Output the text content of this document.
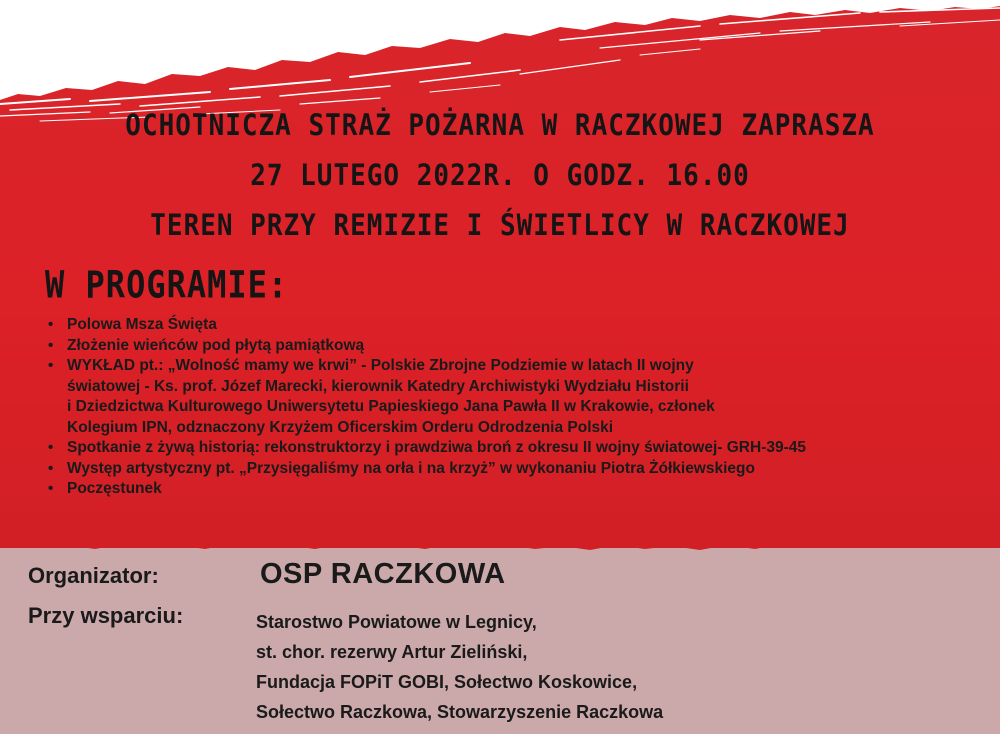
OCHOTNICZA STRAŻ POŻARNA W RACZKOWEJ ZAPRASZA
27 LUTEGO 2022R. O GODZ. 16.00
TEREN PRZY REMIZIE I ŚWIETLICY W RACZKOWEJ
W PROGRAMIE:
• Polowa Msza Święta
• Złożenie wieńców pod płytą pamiątkową
• WYKŁAD pt.: „Wolność mamy we krwi” - Polskie Zbrojne Podziemie w latach II wojny
światowej - Ks. prof. Józef Marecki, kierownik Katedry Archiwistyki Wydziału Historii
i Dziedzictwa Kulturowego Uniwersytetu Papieskiego Jana Pawła II w Krakowie, członek
Kolegium IPN, odznaczony Krzyżem Oficerskim Orderu Odrodzenia Polski
• Spotkanie z żywą historią: rekonstruktorzy i prawdziwa broń z okresu II wojny światowej- GRH-39-45
• Występ artystyczny pt. „Przysięgaliśmy na orła i na krzyż” w wykonaniu Piotra Żółkiewskiego
• Poczęstunek
Organizator:	OSP RACZKOWA
Przy wsparciu:	Starostwo Powiatowe w Legnicy,
st. chor. rezerwy Artur Zieliński,
Fundacja FOPiT GOBI, Sołectwo Koskowice,
Sołectwo Raczkowa, Stowarzyszenie Raczkowa
